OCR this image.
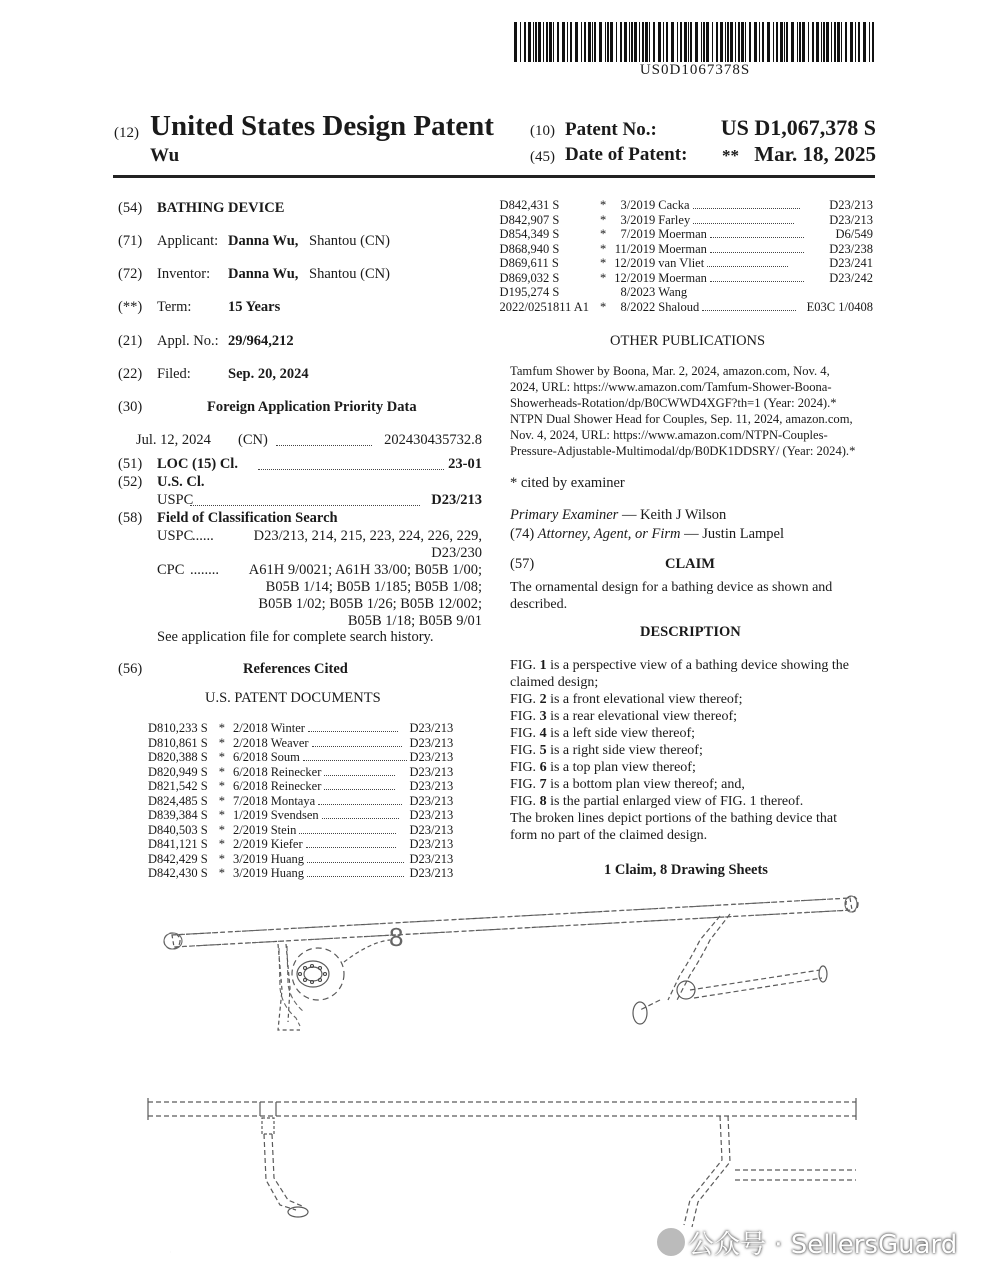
US0D1067378S
(12) United States Design Patent
Wu
(10) Patent No.:	US D1,067,378 S
(45) Date of Patent: ** Mar. 18, 2025
(54) BATHING DEVICE
(71) Applicant: Danna Wu, Shantou (CN)
(72) Inventor: Danna Wu, Shantou (CN)
(**) Term:	15 Years
(21) Appl. No.: 29/964,212
(22) Filed:	Sep. 20, 2024
(30)	Foreign Application Priority Data
Jul. 12, 2024 (CN)	202430435732.8
(51) LOC (15) Cl.	23-01
(52) U.S. Cl.
USPC	D23/213
(58) Field of Classification Search
USPC
......	D23/213, 214, 215, 223, 224, 226, 229,
D23/230
CPC ........ A61H 9/0021; A61H 33/00; B05B 1/00;
B05B 1/14; B05B 1/185; B05B 1/08;
B05B 1/02; B05B 1/26; B05B 12/002;
B05B 1/18; B05B 9/01
See application file for complete search history.
(56)	References Cited
U.S. PATENT DOCUMENTS
D810,233 S	*	2/2018	Winter	D23/213
D810,861 S	*	2/2018	Weaver	D23/213
D820,388 S	*	6/2018	Soum	D23/213
D820,949 S	*	6/2018	Reinecker	D23/213
D821,542 S	*	6/2018	Reinecker	D23/213
D824,485 S	*	7/2018	Montaya	D23/213
D839,384 S	*	1/2019	Svendsen	D23/213
D840,503 S	*	2/2019	Stein	D23/213
D841,121 S	*	2/2019	Kiefer	D23/213
D842,429 S	*	3/2019	Huang	D23/213
D842,430 S	*	3/2019	Huang	D23/213
D842,431 S	*	3/2019	Cacka	D23/213
D842,907 S	*	3/2019	Farley	D23/213
D854,349 S	*	7/2019	Moerman	D6/549
D868,940 S	*	11/2019	Moerman	D23/238
D869,611 S	*	12/2019	van Vliet	D23/241
D869,032 S	*	12/2019	Moerman	D23/242
D195,274 S		8/2023	Wang	
2022/0251811 A1	*	8/2022	Shaloud	E03C 1/0408
OTHER PUBLICATIONS
Tamfum Shower by Boona, Mar. 2, 2024, amazon.com, Nov. 4,
2024, URL: https://www.amazon.com/Tamfum-Shower-Boona-
Showerheads-Rotation/dp/B0CWWD4XGF?th=1 (Year: 2024).*
NTPN Dual Shower Head for Couples, Sep. 11, 2024, amazon.com,
Nov. 4, 2024, URL: https://www.amazon.com/NTPN-Couples-
Pressure-Adjustable-Multimodal/dp/B0DK1DDSRY/ (Year: 2024).*
* cited by examiner
Primary Examiner — Keith J Wilson
(74) Attorney, Agent, or Firm — Justin Lampel
(57)	CLAIM
The ornamental design for a bathing device as shown and
described.
DESCRIPTION
FIG. 1 is a perspective view of a bathing device showing the
claimed design;
FIG. 2 is a front elevational view thereof;
FIG. 3 is a rear elevational view thereof;
FIG. 4 is a left side view thereof;
FIG. 5 is a right side view thereof;
FIG. 6 is a top plan view thereof;
FIG. 7 is a bottom plan view thereof; and,
FIG. 8 is the partial enlarged view of FIG. 1 thereof.
The broken lines depict portions of the bathing device that
form no part of the claimed design.
1 Claim, 8 Drawing Sheets
8
公众号 · SellersGuard
